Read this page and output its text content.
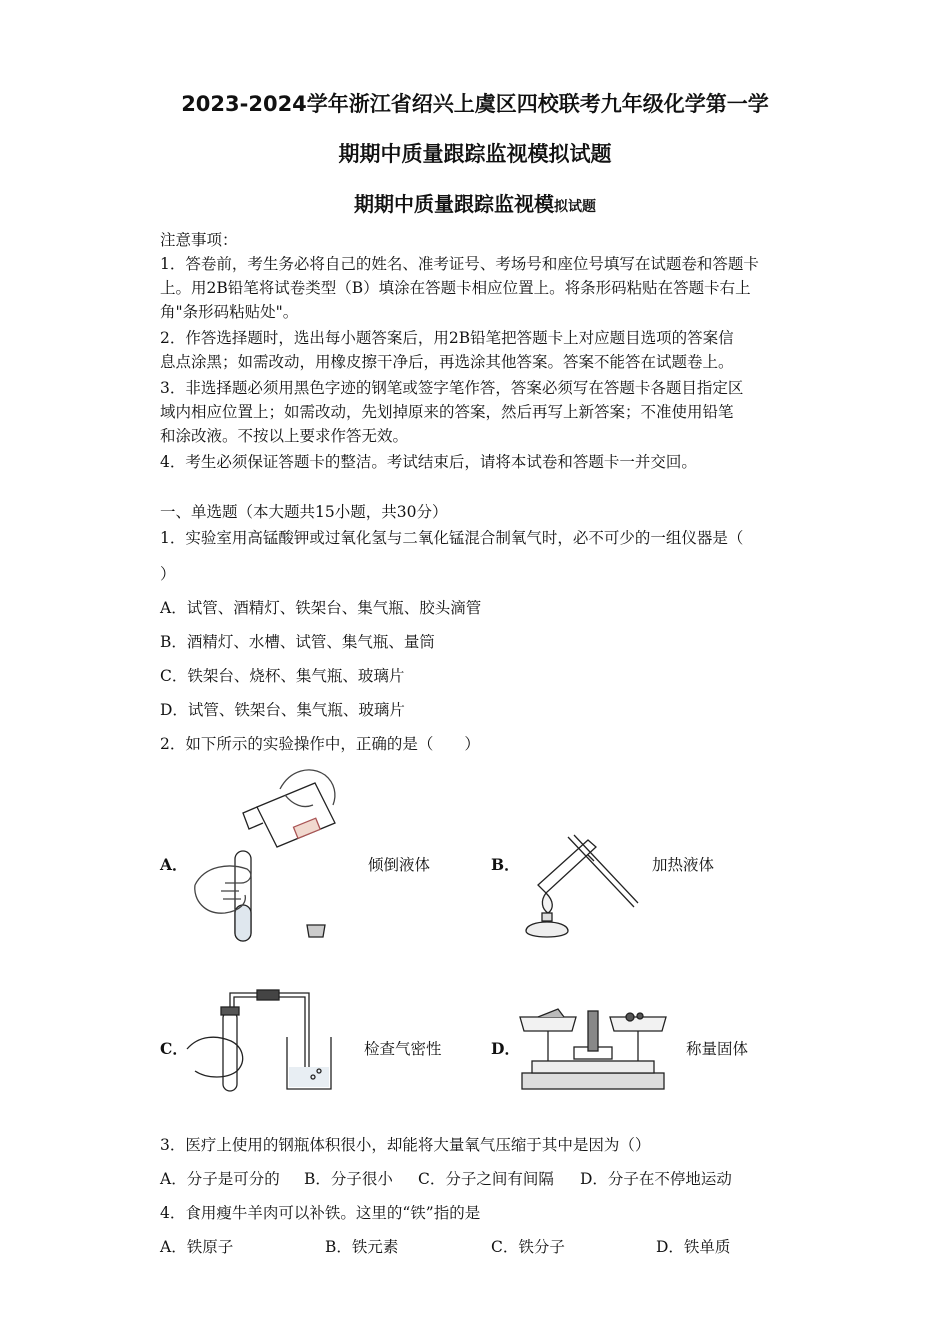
2023-2024学年浙江省绍兴上虞区四校联考九年级化学第一学
期期中质量跟踪监视模拟试题
期期中质量跟踪监视模拟试题
注意事项：
1．答卷前，考生务必将自己的姓名、准考证号、考场号和座位号填写在试题卷和答题卡
上。用2B铅笔将试卷类型（B）填涂在答题卡相应位置上。将条形码粘贴在答题卡右上
角"条形码粘贴处"。
2．作答选择题时，选出每小题答案后，用2B铅笔把答题卡上对应题目选项的答案信
息点涂黑；如需改动，用橡皮擦干净后，再选涂其他答案。答案不能答在试题卷上。
3．非选择题必须用黑色字迹的钢笔或签字笔作答，答案必须写在答题卡各题目指定区
域内相应位置上；如需改动，先划掉原来的答案，然后再写上新答案；不准使用铅笔
和涂改液。不按以上要求作答无效。
4．考生必须保证答题卡的整洁。考试结束后，请将本试卷和答题卡一并交回。
一、单选题（本大题共15小题，共30分）
1．实验室用高锰酸钾或过氧化氢与二氧化锰混合制氧气时，必不可少的一组仪器是（
）
A．试管、酒精灯、铁架台、集气瓶、胶头滴管
B．酒精灯、水槽、试管、集气瓶、量筒
C．铁架台、烧杯、集气瓶、玻璃片
D．试管、铁架台、集气瓶、玻璃片
2．如下所示的实验操作中，正确的是（　　）
A．	倾倒液体	B．	加热液体
C．	检查气密性	D．	称量固体
3．医疗上使用的钢瓶体积很小，却能将大量氧气压缩于其中是因为（）
A．分子是可分的 B．分子很小 C．分子之间有间隔 D．分子在不停地运动
4．食用瘦牛羊肉可以补铁。这里的“铁”指的是
A．铁原子	B．铁元素	C．铁分子	D．铁单质
